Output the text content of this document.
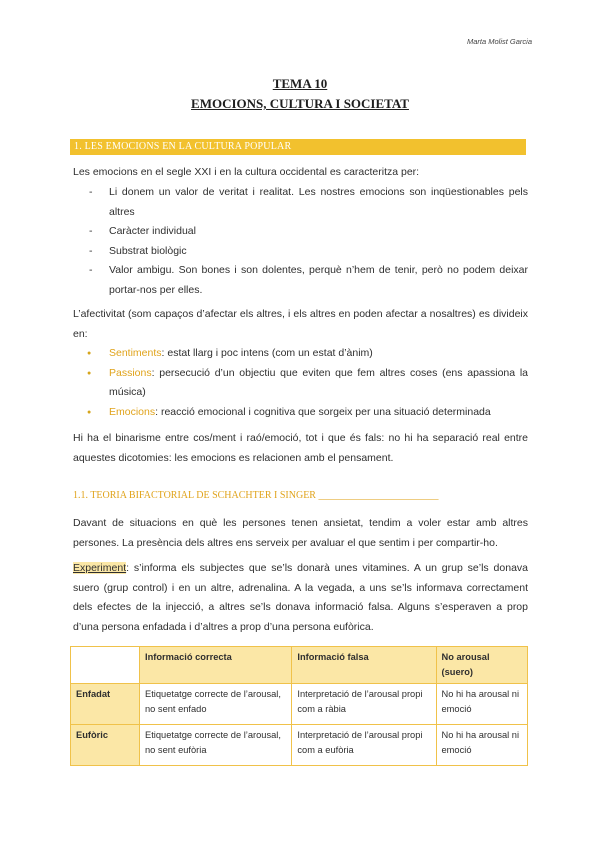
Marta Molist Garcia
TEMA 10
EMOCIONS, CULTURA I SOCIETAT
1. LES EMOCIONS EN LA CULTURA POPULAR

Les emocions en el segle XXI i en la cultura occidental es caracteritza per:

- Li donem un valor de veritat i realitat. Les nostres emocions son inqüestionables pels altres
- Caràcter individual
- Substrat biològic
- Valor ambigu. Son bones i son dolentes, perquè n’hem de tenir, però no podem deixar portar-nos per elles.

L’afectivitat (som capaços d’afectar els altres, i els altres en poden afectar a nosaltres) es divideix en:

● Sentiments: estat llarg i poc intens (com un estat d’ànim)
● Passions: persecució d’un objectiu que eviten que fem altres coses (ens apassiona la música)
● Emocions: reacció emocional i cognitiva que sorgeix per una situació determinada

Hi ha el binarisme entre cos/ment i raó/emoció, tot i que és fals: no hi ha separació real entre aquestes dicotomies: les emocions es relacionen amb el pensament.

1.1. TEORIA BIFACTORIAL DE SCHACHTER I SINGER ________________________

Davant de situacions en què les persones tenen ansietat, tendim a voler estar amb altres persones. La presència dels altres ens serveix per avaluar el que sentim i per compartir-ho.

Experiment: s’informa els subjectes que se’ls donarà unes vitamines. A un grup se’ls donava suero (grup control) i en un altre, adrenalina. A la vegada, a uns se’ls informava correctament dels efectes de la injecció, a altres se’ls donava informació falsa. Alguns s’esperaven a prop d’una persona enfadada i d’altres a prop d’una persona eufòrica.

	Informació correcta	Informació falsa	No arousal (suero)
Enfadat	Etiquetatge correcte de l’arousal, no sent enfado	Interpretació de l’arousal propi com a ràbia	No hi ha arousal ni emoció
Eufòric	Etiquetatge correcte de l’arousal, no sent eufòria	Interpretació de l’arousal propi com a eufòria	No hi ha arousal ni emoció
